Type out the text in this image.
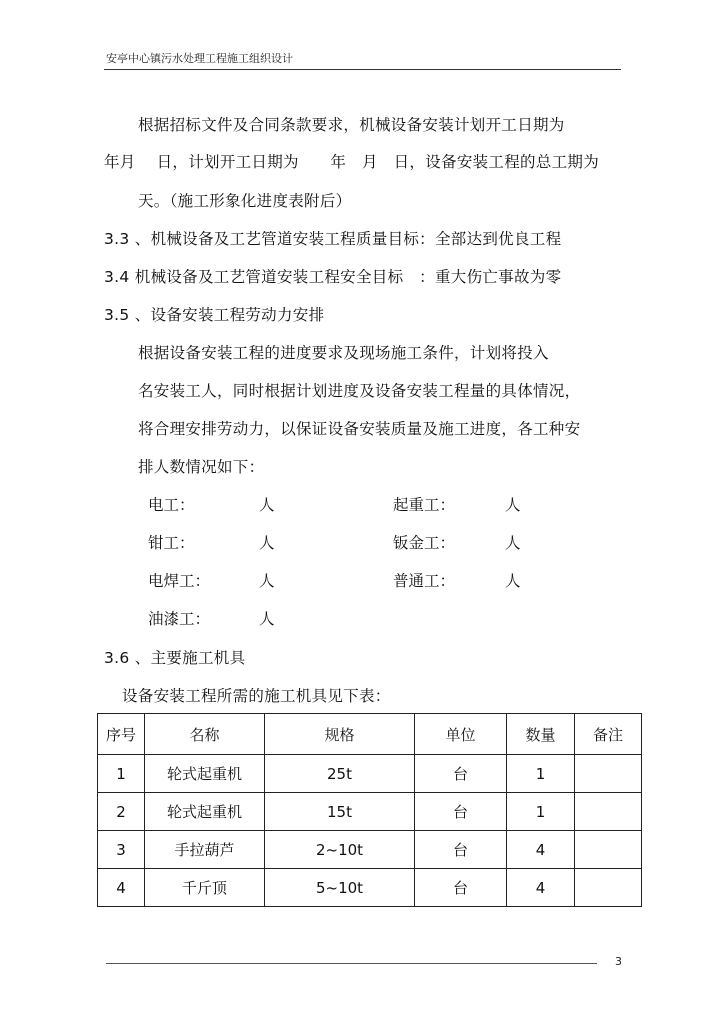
安亭中心镇污水处理工程施工组织设计
根据招标文件及合同条款要求，机械设备安装计划开工日期为
年月　 日，计划开工日期为　　年　月　日，设备安装工程的总工期为
天。（施工形象化进度表附后）
3.3 、机械设备及工艺管道安装工程质量目标：全部达到优良工程
3.4 机械设备及工艺管道安装工程安全目标　：重大伤亡事故为零
3.5 、设备安装工程劳动力安排
根据设备安装工程的进度要求及现场施工条件，计划将投入
名安装工人，同时根据计划进度及设备安装工程量的具体情况，
将合理安排劳动力，以保证设备安装质量及施工进度，各工种安
排人数情况如下：
电工：	人	起重工：	人
钳工：	人	钣金工：	人
电焊工：	人	普通工：	人
油漆工：	人
3.6 、主要施工机具
设备安装工程所需的施工机具见下表：
序号	名称	规格	单位	数量	备注
1	轮式起重机	25t	台	1	
2	轮式起重机	15t	台	1	
3	手拉葫芦	2~10t	台	4	
4	千斤顶	5~10t	台	4	
3
